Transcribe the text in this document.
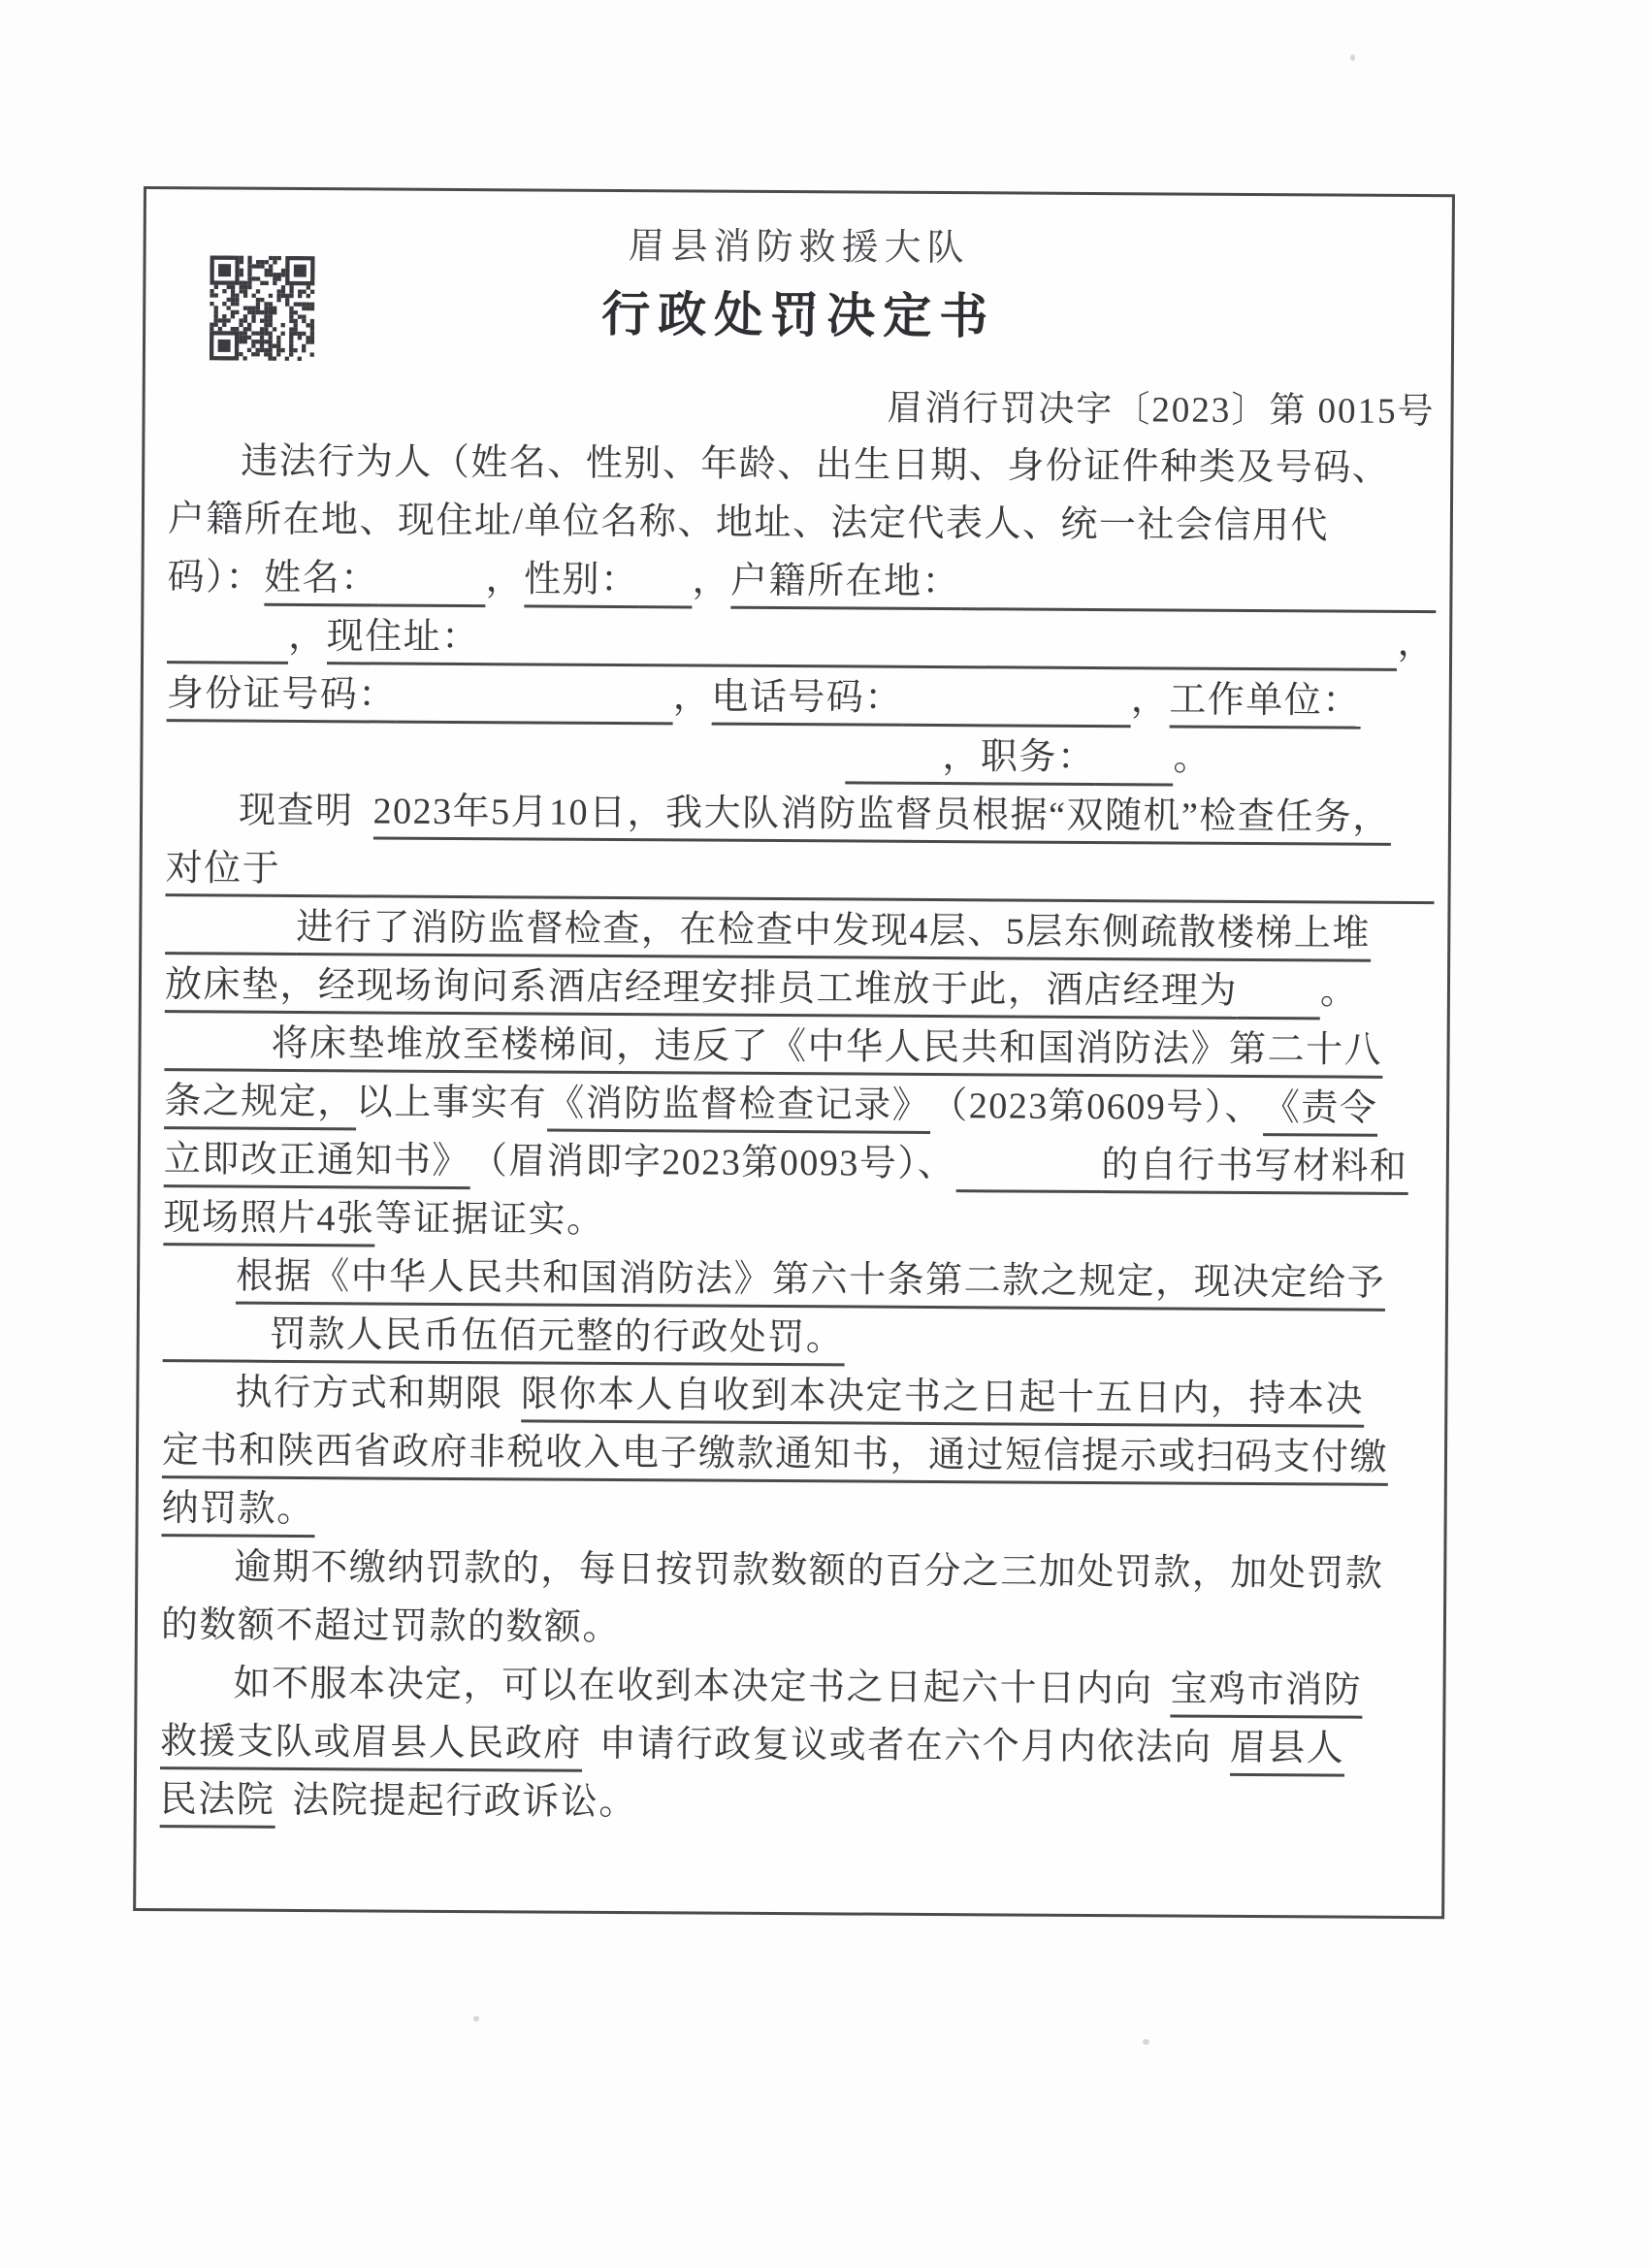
眉县消防救援大队
行政处罚决定书
眉消行罚决字〔2023〕第 0015号
违法行为人（姓名、性别、年龄、出生日期、身份证件种类及号码、
户籍所在地、现住址/单位名称、地址、法定代表人、统一社会信用代
码）： 姓名：	， 性别： ， 户籍所在地：
， 现住址：	，
身份证号码：	， 电话号码：	， 工作单位：
，职务： 。
现查明 2023年5月10日，我大队消防监督员根据“双随机”检查任务，
对位于
进行了消防监督检查，在检查中发现4层、5层东侧疏散楼梯上堆
放床垫，经现场询问系酒店经理安排员工堆放于此，酒店经理为 。
将床垫堆放至楼梯间，违反了《中华人民共和国消防法》第二十八
条之规定， 以上事实有 《消防监督检查记录》 （2023第0609号）、 《责令
立即改正通知书》 （眉消即字2023第0093号）、	的自行书写材料和
现场照片4张 等证据证实。
根据《中华人民共和国消防法》第六十条第二款之规定，现决定给予
罚款人民币伍佰元整的行政处罚。
执行方式和期限 限你本人自收到本决定书之日起十五日内，持本决
定书和陕西省政府非税收入电子缴款通知书，通过短信提示或扫码支付缴
纳罚款。
逾期不缴纳罚款的，每日按罚款数额的百分之三加处罚款，加处罚款
的数额不超过罚款的数额。
如不服本决定，可以在收到本决定书之日起六十日内向 宝鸡市消防
救援支队或眉县人民政府 申请行政复议或者在六个月内依法向 眉县人
民法院 法院提起行政诉讼。
